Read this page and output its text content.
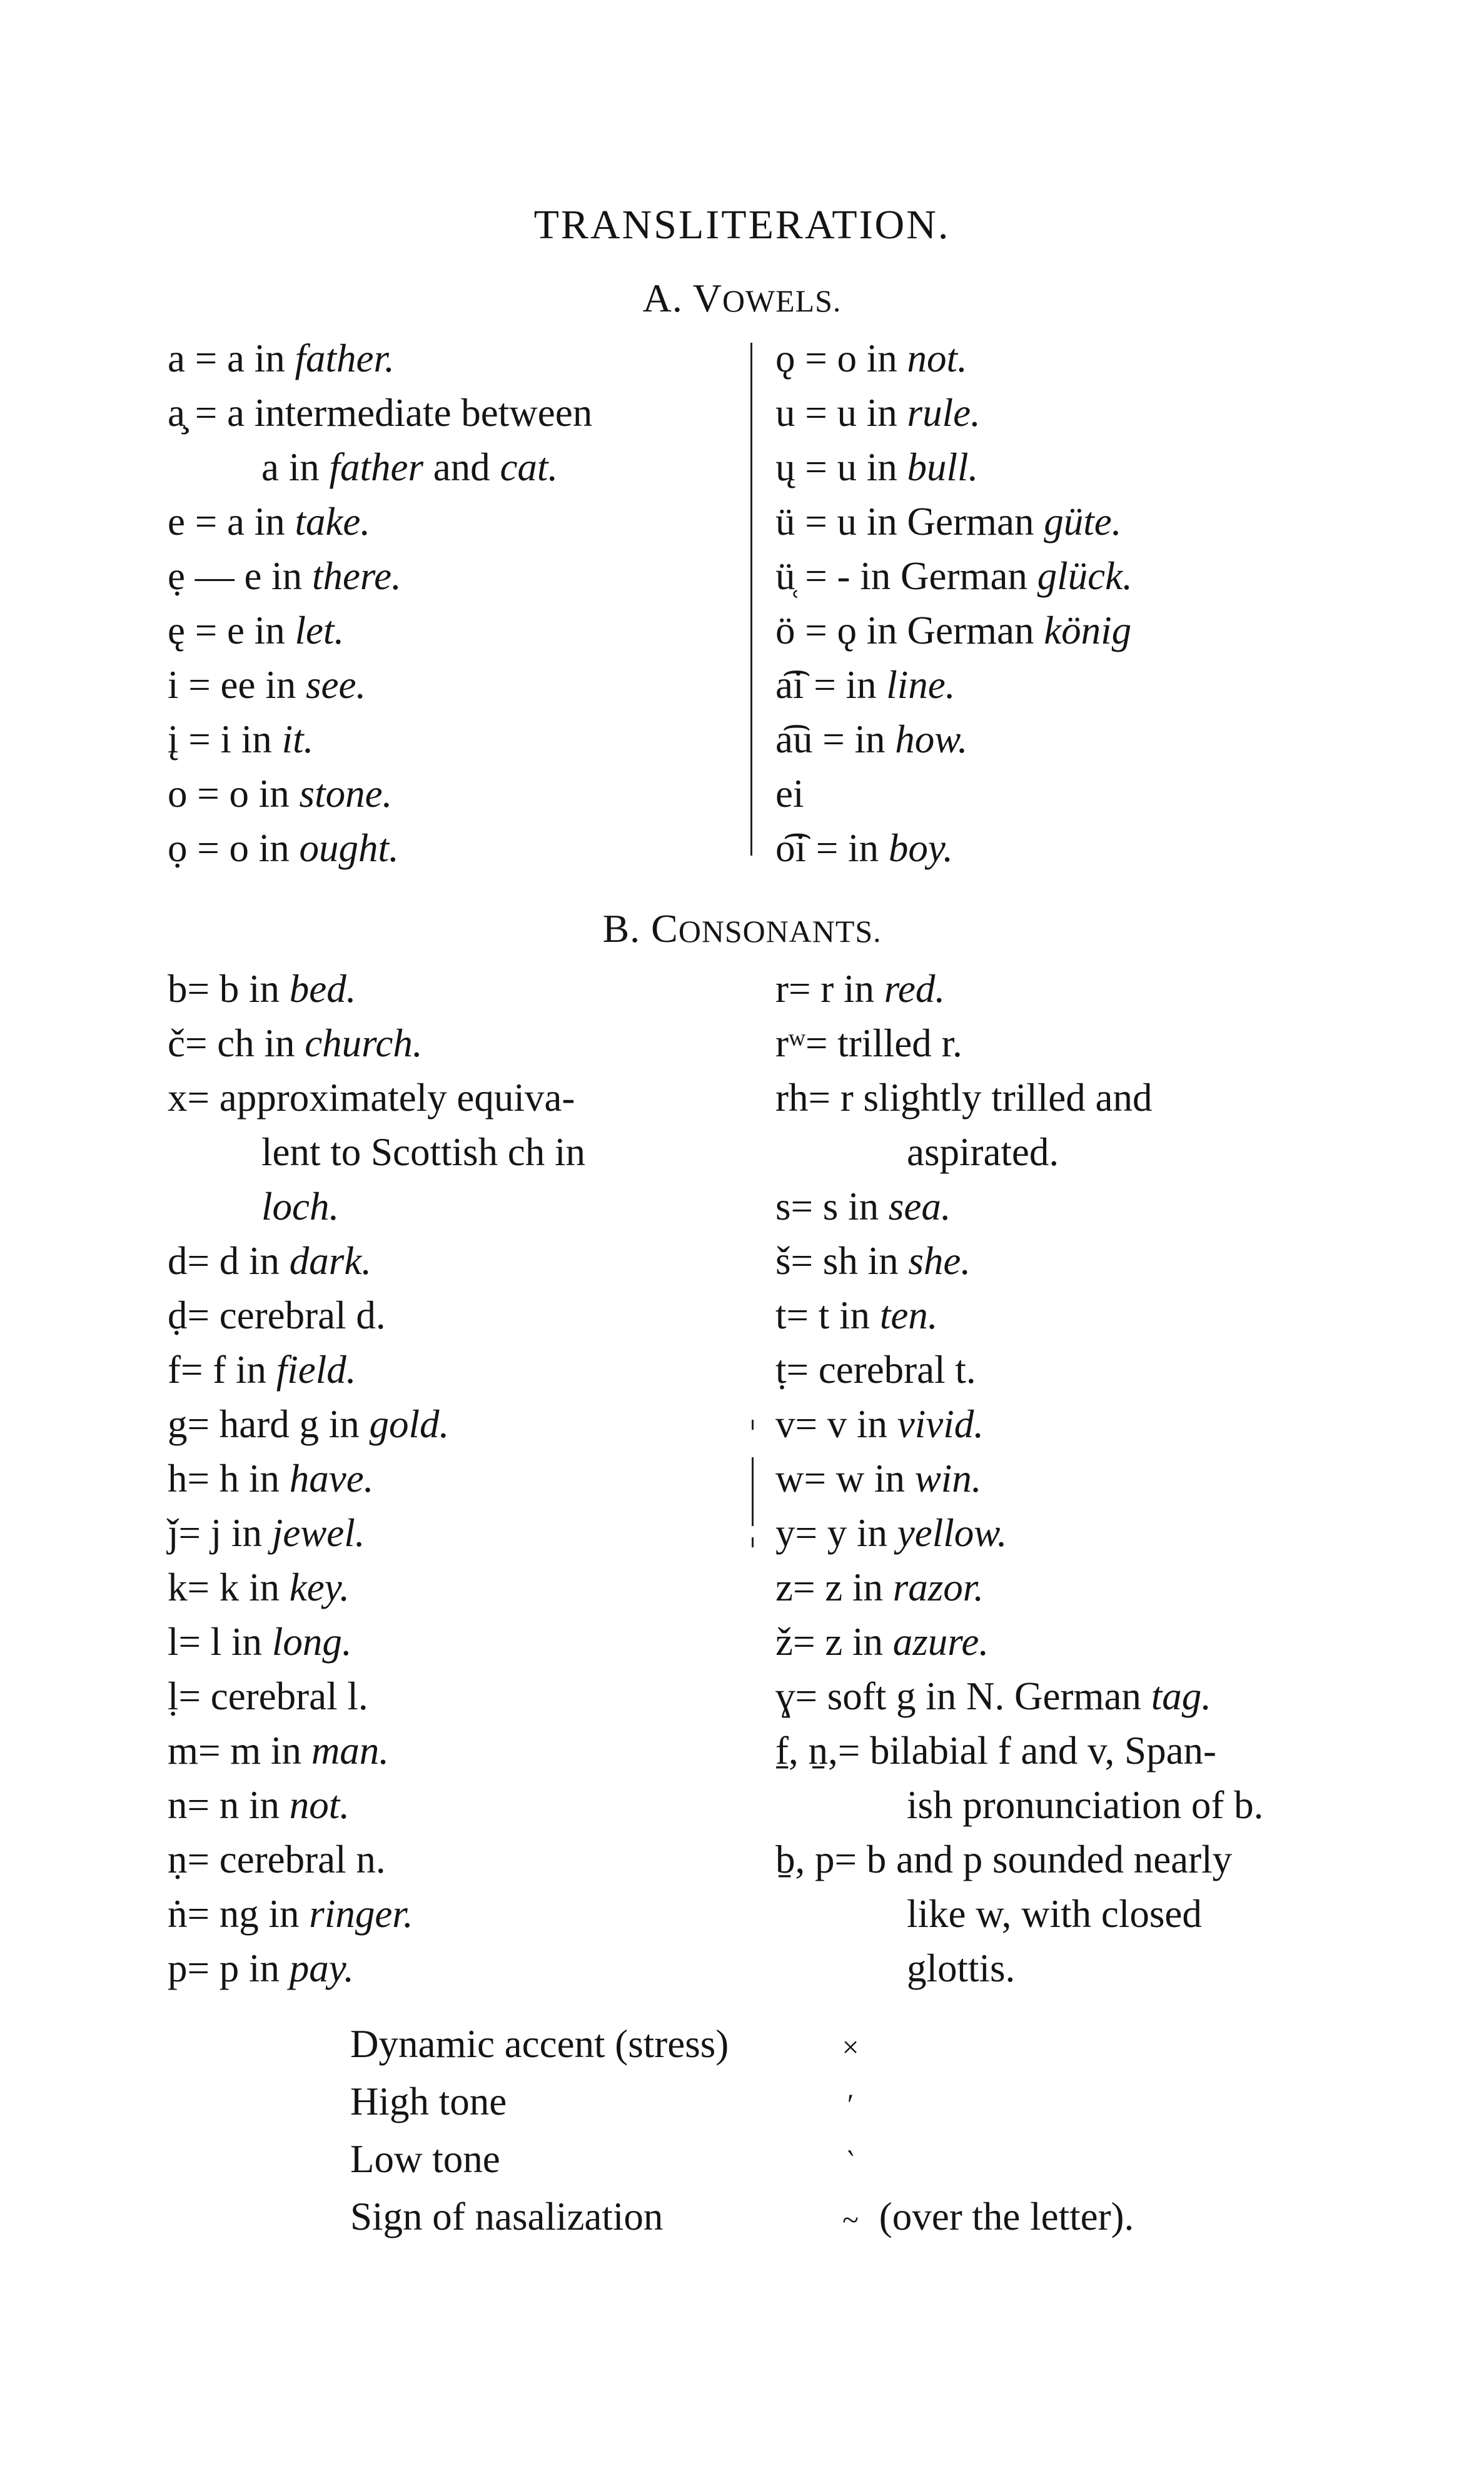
TRANSLITERATION.
A. VOWELS.
a = a in father.
a̧ = a intermediate between
a in father and cat.
e = a in take.
ẹ — e in there.
ę = e in let.
i = ee in see.
į = i in it.
o = o in stone.
ọ = o in ought.
ǫ = o in not.
u = u in rule.
ų = u in bull.
ü = u in German güte.
ü̜ = - in German glück.
ö = ǫ in German könig
a͡i = in line.
a͡u = in how.
ei
o͡i = in boy.
B. CONSONANTS.
b= b in bed.
č= ch in church.
x= approximately equiva-
lent to Scottish ch in
loch.
d= d in dark.
ḍ= cerebral d.
f= f in field.
g= hard g in gold.
h= h in have.
ǰ= j in jewel.
k= k in key.
l= l in long.
ḷ= cerebral l.
m= m in man.
n= n in not.
ṇ= cerebral n.
ṅ= ng in ringer.
p= p in pay.
r= r in red.
rʷ= trilled r.
rh= r slightly trilled and
aspirated.
s= s in sea.
š= sh in she.
t= t in ten.
ṭ= cerebral t.
v= v in vivid.
w= w in win.
y= y in yellow.
z= z in razor.
ž= z in azure.
ɣ= soft g in N. German tag.
f̱, ṉ,= bilabial f and v, Span-
ish pronunciation of b.
ḇ, p= b and p sounded nearly
like w, with closed
glottis.
Dynamic accent (stress)	×
High tone	′
Low tone	‵
Sign of nasalization	~ (over the letter).
